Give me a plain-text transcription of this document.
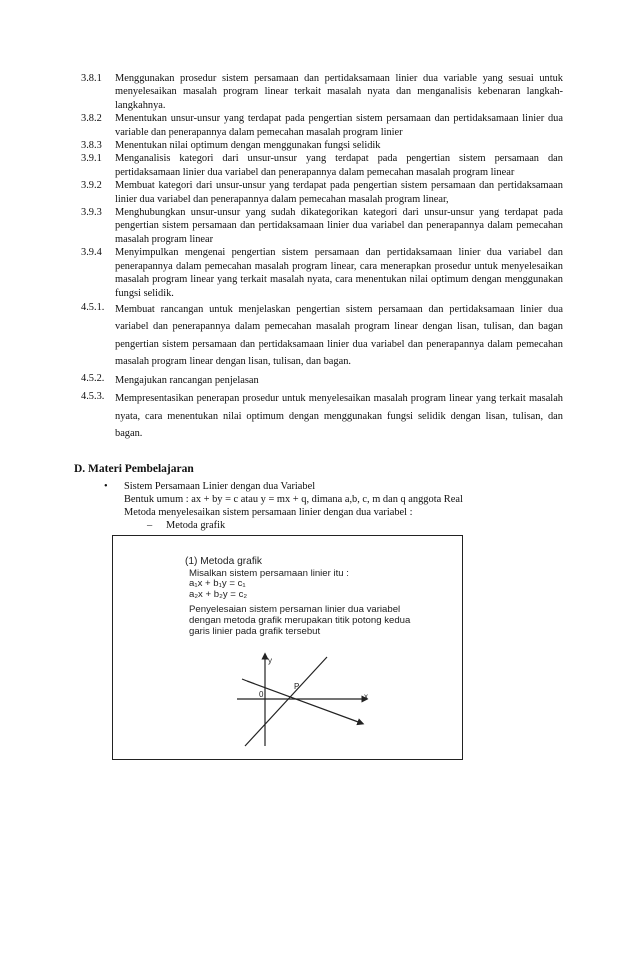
3.8.1	Menggunakan prosedur sistem persamaan dan pertidaksamaan linier dua variable yang sesuai untuk menyelesaikan masalah program linear terkait masalah nyata dan menganalisis kebenaran langkah-langkahnya.
3.8.2	Menentukan unsur-unsur yang terdapat pada pengertian sistem persamaan dan pertidaksamaan linier dua variable dan penerapannya dalam pemecahan masalah program linier
3.8.3	Menentukan nilai optimum dengan menggunakan fungsi selidik
3.9.1	Menganalisis kategori dari unsur-unsur yang terdapat pada pengertian sistem persamaan dan pertidaksamaan linier dua variabel dan penerapannya dalam pemecahan masalah program linear
3.9.2	Membuat kategori dari unsur-unsur yang terdapat pada pengertian sistem persamaan dan pertidaksamaan linier dua variabel dan penerapannya dalam pemecahan masalah program linear,
3.9.3	Menghubungkan unsur-unsur yang sudah dikategorikan kategori dari unsur-unsur yang terdapat pada pengertian sistem persamaan dan pertidaksamaan linier dua variabel dan penerapannya dalam pemecahan masalah program linear
3.9.4	Menyimpulkan mengenai pengertian sistem persamaan dan pertidaksamaan linier dua variabel dan penerapannya dalam pemecahan masalah program linear, cara menerapkan prosedur untuk menyelesaikan masalah program linear yang terkait masalah nyata, cara menentukan nilai optimum dengan menggunakan fungsi selidik.
4.5.1.	Membuat rancangan untuk menjelaskan pengertian sistem persamaan dan pertidaksamaan linier dua variabel dan penerapannya dalam pemecahan masalah program linear dengan lisan, tulisan, dan bagan pengertian sistem persamaan dan pertidaksamaan linier dua variabel dan penerapannya dalam pemecahan masalah program linear dengan lisan, tulisan, dan bagan.
4.5.2.	Mengajukan rancangan penjelasan
4.5.3.	Mempresentasikan penerapan prosedur untuk menyelesaikan masalah program linear yang terkait masalah nyata, cara menentukan nilai optimum dengan menggunakan fungsi selidik dengan lisan, tulisan, dan bagan.
D. Materi Pembelajaran
•	Sistem Persamaan Linier dengan dua Variabel
Bentuk umum : ax + by = c atau y = mx + q, dimana a,b, c, m dan q anggota Real
Metoda menyelesaikan sistem persamaan linier dengan dua variabel :
–	Metoda grafik
(1) Metoda grafik
Misalkan sistem persamaan linier itu :
a₁x + b₁y = c₁
a₂x + b₂y = c₂
Penyelesaian sistem persaman linier dua variabel
dengan metoda grafik merupakan titik potong kedua
garis linier pada grafik tersebut
y
x
0
P
